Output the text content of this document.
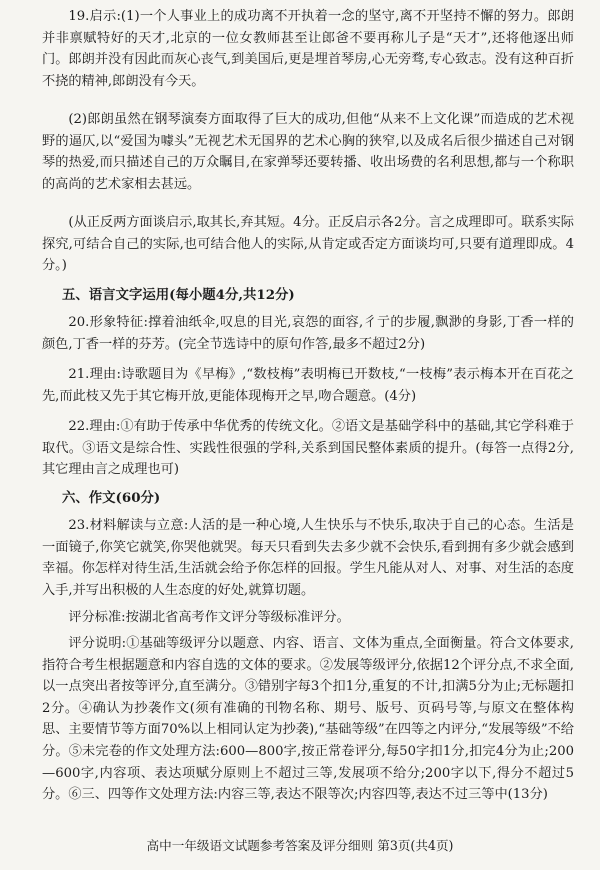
19.启示:(1)一个人事业上的成功离不开执着一念的坚守,离不开坚持不懈的努力。郎朗并非禀赋特好的天才,北京的一位女教师甚至让郎爸不要再称儿子是“天才”,还将他逐出师门。郎朗并没有因此而灰心丧气,到美国后,更是埋首琴房,心无旁骛,专心致志。没有这种百折不挠的精神,郎朗没有今天。

(2)郎朗虽然在钢琴演奏方面取得了巨大的成功,但他“从来不上文化课”而造成的艺术视野的逼仄,以“爱国为噱头”无视艺术无国界的艺术心胸的狭窄,以及成名后很少描述自己对钢琴的热爱,而只描述自己的万众瞩目,在家弹琴还要转播、收出场费的名利思想,都与一个称职的高尚的艺术家相去甚远。

(从正反两方面谈启示,取其长,弃其短。4分。正反启示各2分。言之成理即可。联系实际探究,可结合自己的实际,也可结合他人的实际,从肯定或否定方面谈均可,只要有道理即成。4分。)

五、语言文字运用(每小题4分,共12分)

20.形象特征:撑着油纸伞,叹息的目光,哀怨的面容,彳亍的步履,飘渺的身影,丁香一样的颜色,丁香一样的芬芳。(完全节选诗中的原句作答,最多不超过2分)

21.理由:诗歌题目为《早梅》,“数枝梅”表明梅已开数枝,“一枝梅”表示梅本开在百花之先,而此枝又先于其它梅开放,更能体现梅开之早,吻合题意。(4分)

22.理由:①有助于传承中华优秀的传统文化。②语文是基础学科中的基础,其它学科难于取代。③语文是综合性、实践性很强的学科,关系到国民整体素质的提升。(每答一点得2分,其它理由言之成理也可)

六、作文(60分)

23.材料解读与立意:人活的是一种心境,人生快乐与不快乐,取决于自己的心态。生活是一面镜子,你笑它就笑,你哭他就哭。每天只看到失去多少就不会快乐,看到拥有多少就会感到幸福。你怎样对待生活,生活就会给予你怎样的回报。学生凡能从对人、对事、对生活的态度入手,并写出积极的人生态度的好处,就算切题。

评分标准:按湖北省高考作文评分等级标准评分。

评分说明:①基础等级评分以题意、内容、语言、文体为重点,全面衡量。符合文体要求,指符合考生根据题意和内容自选的文体的要求。②发展等级评分,依据12个评分点,不求全面,以一点突出者按等评分,直至满分。③错别字每3个扣1分,重复的不计,扣满5分为止;无标题扣2分。④确认为抄袭作文(须有准确的刊物名称、期号、版号、页码号等,与原文在整体构思、主要情节等方面70%以上相同认定为抄袭),“基础等级”在四等之内评分,“发展等级”不给分。⑤未完卷的作文处理方法:600—800字,按正常卷评分,每50字扣1分,扣完4分为止;200—600字,内容项、表达项赋分原则上不超过三等,发展项不给分;200字以下,得分不超过5分。⑥三、四等作文处理方法:内容三等,表达不限等次;内容四等,表达不过三等中(13分)

高中一年级语文试题参考答案及评分细则 第3页(共4页)
